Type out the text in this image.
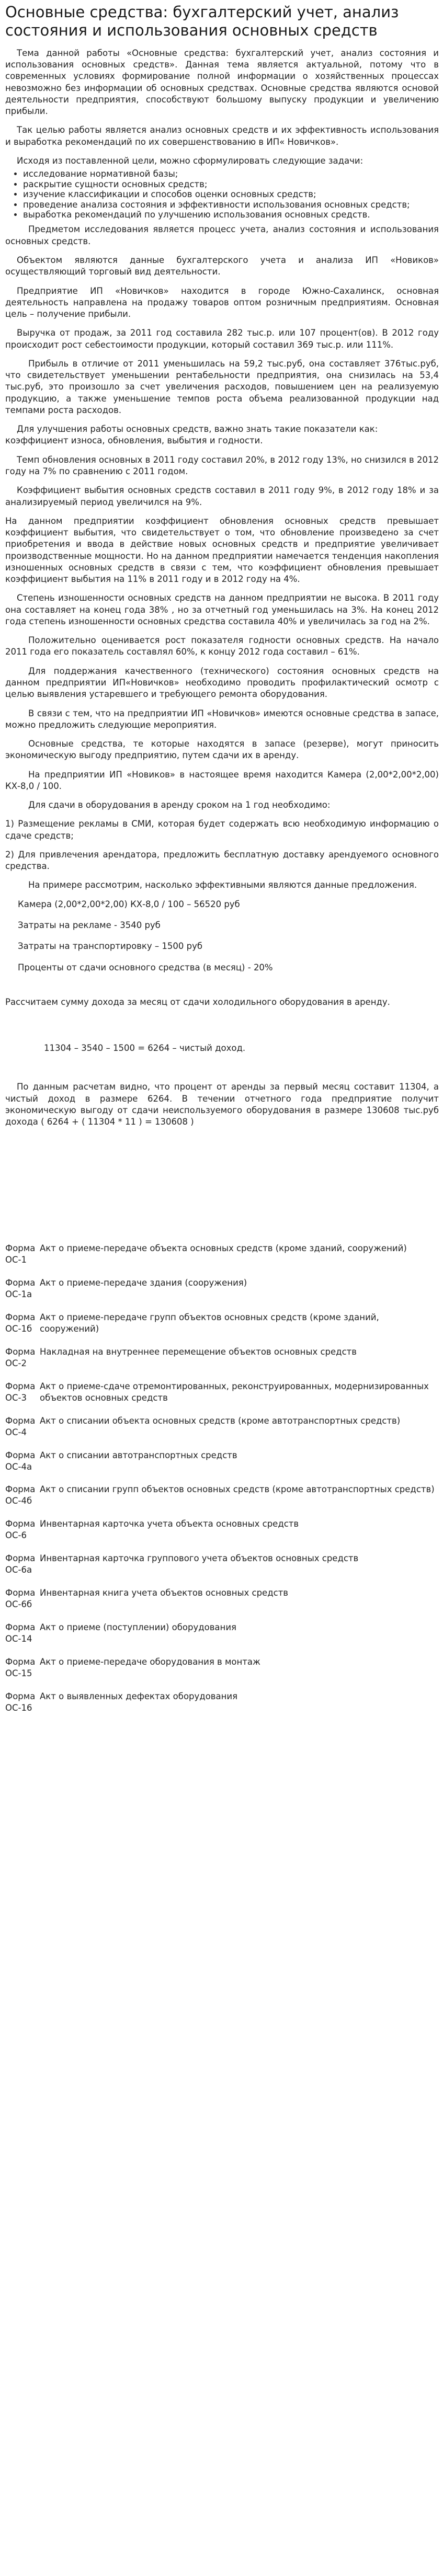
Основные средства: бухгалтерский учет, анализ состояния и использования основных средств

Тема данной работы «Основные средства: бухгалтерский учет, анализ состояния и использования основных средств». Данная тема является актуальной, потому что в современных условиях формирование полной информации о хозяйственных процессах невозможно без информации об основных средствах. Основные средства являются основой деятельности предприятия, способствуют большому выпуску продукции и увеличению прибыли.

Так целью работы является анализ основных средств и их эффективность использования и выработка рекомендаций по их совершенствованию в ИП« Новичков».

Исходя из поставленной цели, можно сформулировать следующие задачи:

• исследование нормативной базы;
• раскрытие сущности основных средств;
• изучение классификации и способов оценки основных средств;
• проведение анализа состояния и эффективности использования основных средств;
• выработка рекомендаций по улучшению использования основных средств.

Предметом исследования является процесс учета, анализ состояния и использования основных средств.

Объектом являются данные бухгалтерского учета и анализа ИП «Новиков» осуществляющий торговый вид деятельности.

Предприятие ИП «Новичков» находится в городе Южно-Сахалинск, основная деятельность направлена на продажу товаров оптом розничным предприятиям. Основная цель – получение прибыли.

Выручка от продаж, за 2011 год составила 282 тыс.р. или 107 процент(ов). В 2012 году происходит рост себестоимости продукции, который составил 369 тыс.р. или 111%.

Прибыль в отличие от 2011 уменьшилась на 59,2 тыс.руб, она составляет 376тыс.руб, что свидетельствует уменьшении рентабельности предприятия, она снизилась на 53,4 тыс.руб, это произошло за счет увеличения расходов, повышением цен на реализуемую продукцию, а также уменьшение темпов роста объема реализованной продукции над темпами роста расходов.

Для улучшения работы основных средств, важно знать такие показатели как: коэффициент износа, обновления, выбытия и годности.

Темп обновления основных в 2011 году составил 20%, в 2012 году 13%, но снизился в 2012 году на 7% по сравнению с 2011 годом.

Коэффициент выбытия основных средств составил в 2011 году 9%, в 2012 году 18% и за анализируемый период увеличился на 9%.

На данном предприятии коэффициент обновления основных средств превышает коэффициент выбытия, что свидетельствует о том, что обновление произведено за счет приобретения и ввода в действие новых основных средств и предприятие увеличивает производственные мощности. Но на данном предприятии намечается тенденция накопления изношенных основных средств в связи с тем, что коэффициент обновления превышает коэффициент выбытия на 11% в 2011 году и в 2012 году на 4%.

Степень изношенности основных средств на данном предприятии не высока. В 2011 году она составляет на конец года 38% , но за отчетный год уменьшилась на 3%. На конец 2012 года степень изношенности основных средства составила 40% и увеличилась за год на 2%.

Положительно оценивается рост показателя годности основных средств. На начало 2011 года его показатель составлял 60%, к концу 2012 года составил – 61%.

Для поддержания качественного (технического) состояния основных средств на данном предприятии ИП«Новичков» необходимо проводить профилактический осмотр с целью выявления устаревшего и требующего ремонта оборудования.

В связи с тем, что на предприятии ИП «Новичков» имеются основные средства в запасе, можно предложить следующие мероприятия.

Основные средства, те которые находятся в запасе (резерве), могут приносить экономическую выгоду предприятию, путем сдачи их в аренду.

На предприятии ИП «Новиков» в настоящее время находится Камера (2,00*2,00*2,00) КХ-8,0 / 100.

Для сдачи в оборудования в аренду сроком на 1 год необходимо:

1) Размещение рекламы в СМИ, которая будет содержать всю необходимую информацию о сдаче средств;

2) Для привлечения арендатора, предложить бесплатную доставку арендуемого основного средства.

На примере рассмотрим, насколько эффективными являются данные предложения.

Камера (2,00*2,00*2,00) КХ-8,0 / 100 – 56520 руб

Затраты на рекламе - 3540 руб

Затраты на транспортировку – 1500 руб

Проценты от сдачи основного средства (в месяц) - 20%

Рассчитаем сумму дохода за месяц от сдачи холодильного оборудования в аренду.

11304 – 3540 – 1500 = 6264 – чистый доход.

По данным расчетам видно, что процент от аренды за первый месяц составит 11304, а чистый доход в размере 6264. В течении отчетного года предприятие получит экономическую выгоду от сдачи неиспользуемого оборудования в размере 130608 тыс.руб дохода ( 6264 + ( 11304 * 11 ) = 130608 )

Форма
ОС-1	Акт о приеме-передаче объекта основных средств (кроме зданий, сооружений)

Форма
ОС-1а	Акт о приеме-передаче здания (сооружения)

Форма
ОС-1б	Акт о приеме-передаче групп объектов основных средств (кроме зданий, сооружений)

Форма
ОС-2	Накладная на внутреннее перемещение объектов основных средств

Форма
ОС-3	Акт о приеме-сдаче отремонтированных, реконструированных, модернизированных объектов основных средств

Форма
ОС-4	Акт о списании объекта основных средств (кроме автотранспортных средств)

Форма
ОС-4а	Акт о списании автотранспортных средств

Форма
ОС-4б	Акт о списании групп объектов основных средств (кроме автотранспортных средств)

Форма
ОС-6	Инвентарная карточка учета объекта основных средств

Форма
ОС-6а	Инвентарная карточка группового учета объектов основных средств

Форма
ОС-6б	Инвентарная книга учета объектов основных средств

Форма
ОС-14	Акт о приеме (поступлении) оборудования

Форма
ОС-15	Акт о приеме-передаче оборудования в монтаж

Форма
ОС-16	Акт о выявленных дефектах оборудования
